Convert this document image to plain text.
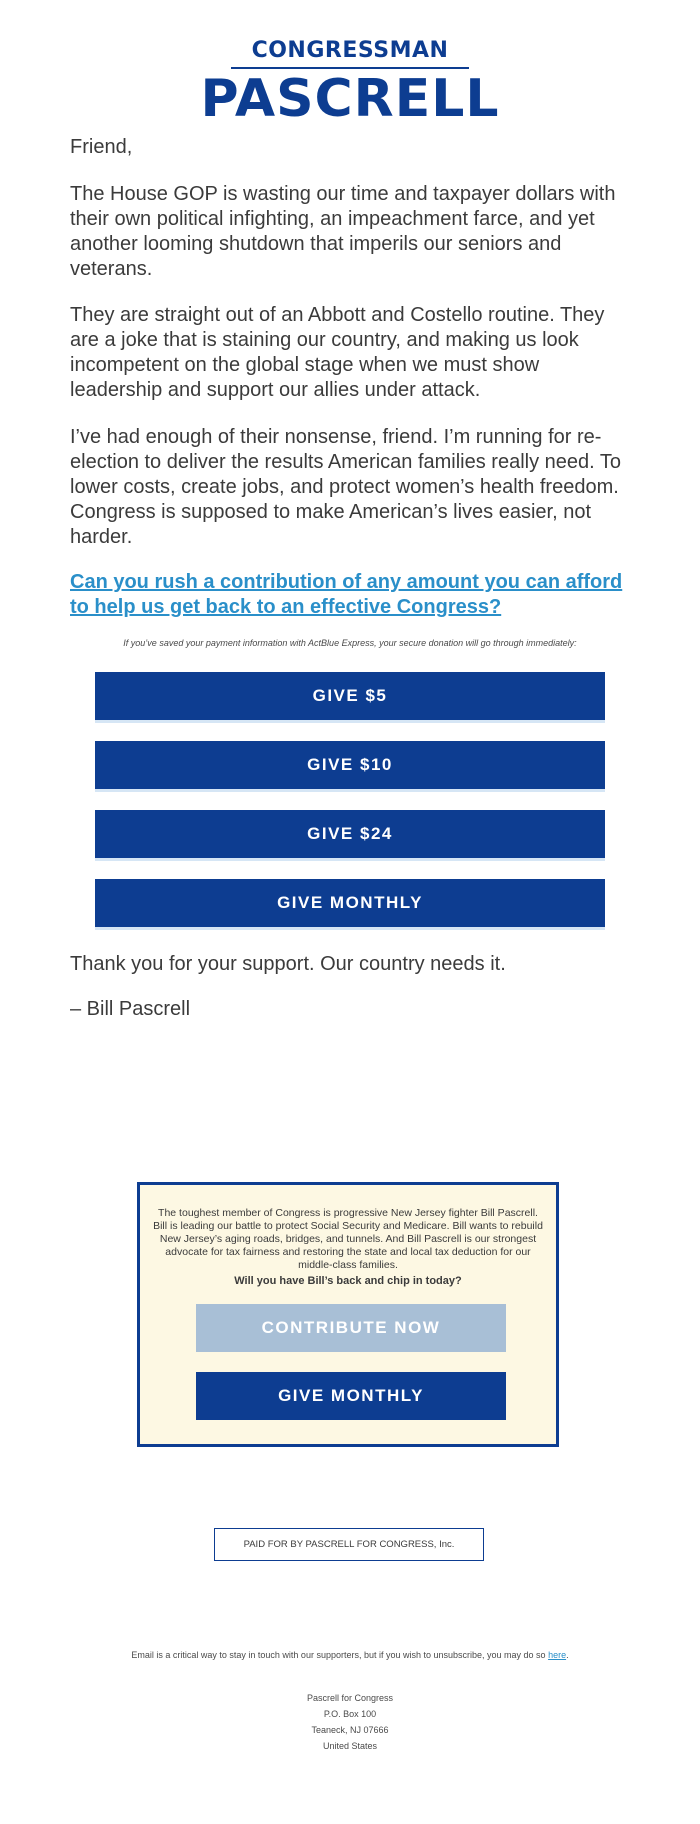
CONGRESSMAN
PASCRELL

Friend,

The House GOP is wasting our time and taxpayer dollars with their own political infighting, an impeachment farce, and yet another looming shutdown that imperils our seniors and veterans.

They are straight out of an Abbott and Costello routine. They are a joke that is staining our country, and making us look incompetent on the global stage when we must show leadership and support our allies under attack.

I’ve had enough of their nonsense, friend. I’m running for re-election to deliver the results American families really need. To lower costs, create jobs, and protect women’s health freedom. Congress is supposed to make American’s lives easier, not harder.

Can you rush a contribution of any amount you can afford to help us get back to an effective Congress?
If you’ve saved your payment information with ActBlue Express, your secure donation will go through immediately:
GIVE $5
GIVE $10
GIVE $24
GIVE MONTHLY
Thank you for your support. Our country needs it.
– Bill Pascrell
The toughest member of Congress is progressive New Jersey fighter Bill Pascrell. Bill is leading our battle to protect Social Security and Medicare. Bill wants to rebuild New Jersey’s aging roads, bridges, and tunnels. And Bill Pascrell is our strongest advocate for tax fairness and restoring the state and local tax deduction for our middle-class families.
Will you have Bill’s back and chip in today?
CONTRIBUTE NOW
GIVE MONTHLY
PAID FOR BY PASCRELL FOR CONGRESS, Inc.
Email is a critical way to stay in touch with our supporters, but if you wish to unsubscribe, you may do so here.
Pascrell for Congress
P.O. Box 100
Teaneck, NJ 07666
United States
